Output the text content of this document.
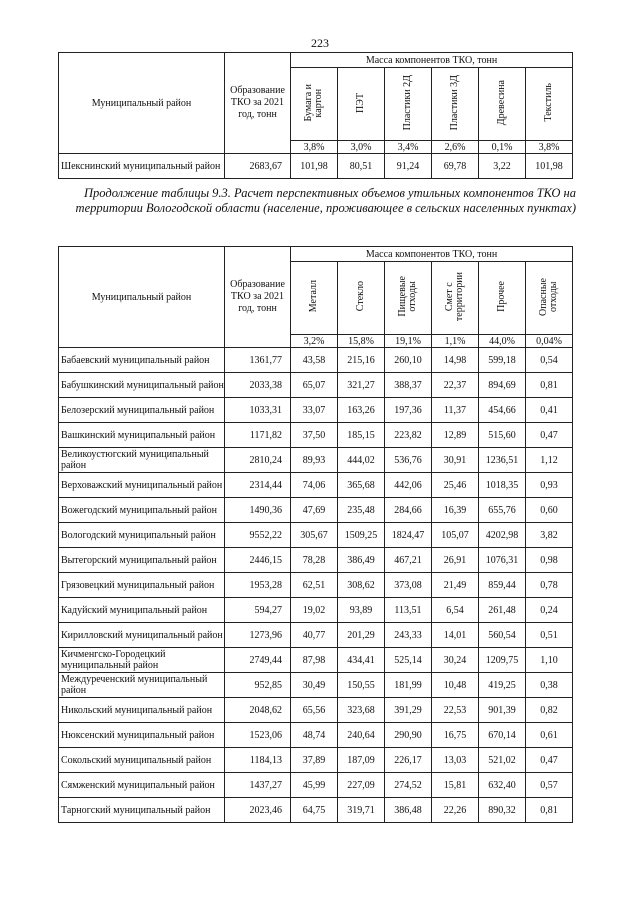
223
Муниципальный район	Образование ТКО за 2021 год, тонн	Масса компонентов ТКО, тонн					
		Бумага и
картон	ПЭТ	Пластики 2Д	Пластики 3Д	Древесина	Текстиль
		3,8%	3,0%	3,4%	2,6%	0,1%	3,8%
Шекснинский муниципальный район	2683,67	101,98	80,51	91,24	69,78	3,22	101,98
Продолжение таблицы 9.3. Расчет перспективных объемов утильных компонентов ТКО на территории Вологодской области (население, проживающее в сельских населенных пунктах)
Муниципальный район	Образование ТКО за 2021 год, тонн	Масса компонентов ТКО, тонн					
		Металл	Стекло	Пищевые
отходы	Смет с
территории	Прочее	Опасные
отходы
		3,2%	15,8%	19,1%	1,1%	44,0%	0,04%
Бабаевский муниципальный район	1361,77	43,58	215,16	260,10	14,98	599,18	0,54
Бабушкинский муниципальный район	2033,38	65,07	321,27	388,37	22,37	894,69	0,81
Белозерский муниципальный район	1033,31	33,07	163,26	197,36	11,37	454,66	0,41
Вашкинский муниципальный район	1171,82	37,50	185,15	223,82	12,89	515,60	0,47
Великоустюгский муниципальный район	2810,24	89,93	444,02	536,76	30,91	1236,51	1,12
Верховажский муниципальный район	2314,44	74,06	365,68	442,06	25,46	1018,35	0,93
Вожегодский муниципальный район	1490,36	47,69	235,48	284,66	16,39	655,76	0,60
Вологодский муниципальный район	9552,22	305,67	1509,25	1824,47	105,07	4202,98	3,82
Вытегорский муниципальный район	2446,15	78,28	386,49	467,21	26,91	1076,31	0,98
Грязовецкий муниципальный район	1953,28	62,51	308,62	373,08	21,49	859,44	0,78
Кадуйский муниципальный район	594,27	19,02	93,89	113,51	6,54	261,48	0,24
Кирилловский муниципальный район	1273,96	40,77	201,29	243,33	14,01	560,54	0,51
Кичменгско-Городецкий муниципальный район	2749,44	87,98	434,41	525,14	30,24	1209,75	1,10
Междуреченский муниципальный район	952,85	30,49	150,55	181,99	10,48	419,25	0,38
Никольский муниципальный район	2048,62	65,56	323,68	391,29	22,53	901,39	0,82
Нюксенский муниципальный район	1523,06	48,74	240,64	290,90	16,75	670,14	0,61
Сокольский муниципальный район	1184,13	37,89	187,09	226,17	13,03	521,02	0,47
Сямженский муниципальный район	1437,27	45,99	227,09	274,52	15,81	632,40	0,57
Тарногский муниципальный район	2023,46	64,75	319,71	386,48	22,26	890,32	0,81
